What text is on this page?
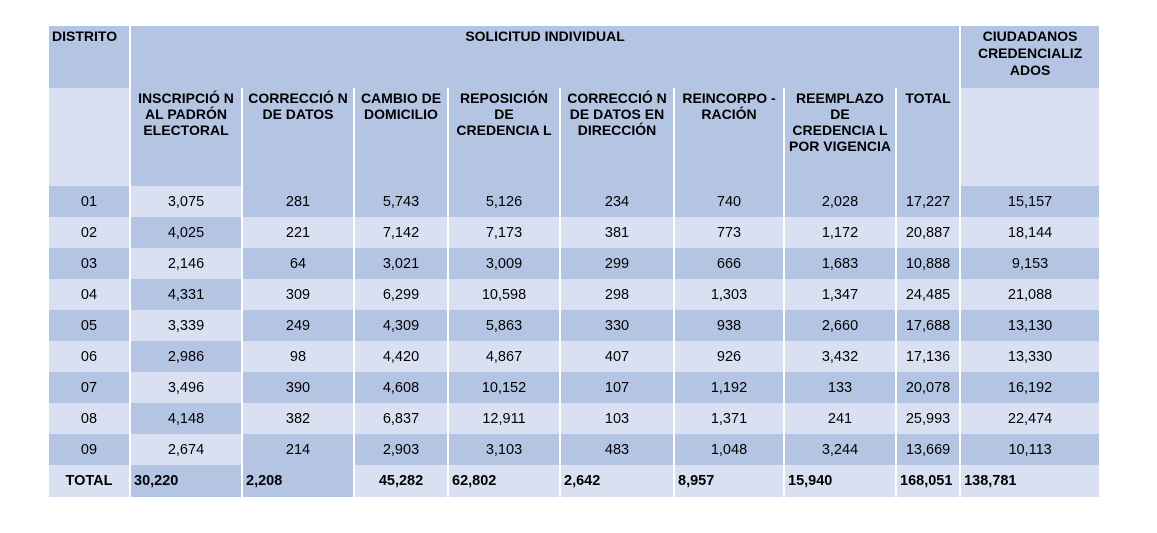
DISTRITO	SOLICITUD INDIVIDUAL								CIUDADANOS CREDENCIALIZ ADOS
	INSCRIPCIÓ N AL PADRÓN ELECTORAL	CORRECCIÓ N DE DATOS	CAMBIO DE DOMICILIO	REPOSICIÓN DE CREDENCIA L	CORRECCIÓ N DE DATOS EN DIRECCIÓN	REINCORPO -RACIÓN	REEMPLAZO DE CREDENCIA L POR VIGENCIA	TOTAL	
01	3,075	281	5,743	5,126	234	740	2,028	17,227	15,157
02	4,025	221	7,142	7,173	381	773	1,172	20,887	18,144
03	2,146	64	3,021	3,009	299	666	1,683	10,888	9,153
04	4,331	309	6,299	10,598	298	1,303	1,347	24,485	21,088
05	3,339	249	4,309	5,863	330	938	2,660	17,688	13,130
06	2,986	98	4,420	4,867	407	926	3,432	17,136	13,330
07	3,496	390	4,608	10,152	107	1,192	133	20,078	16,192
08	4,148	382	6,837	12,911	103	1,371	241	25,993	22,474
09	2,674	214	2,903	3,103	483	1,048	3,244	13,669	10,113
TOTAL	30,220	2,208	45,282	62,802	2,642	8,957	15,940	168,051	138,781
